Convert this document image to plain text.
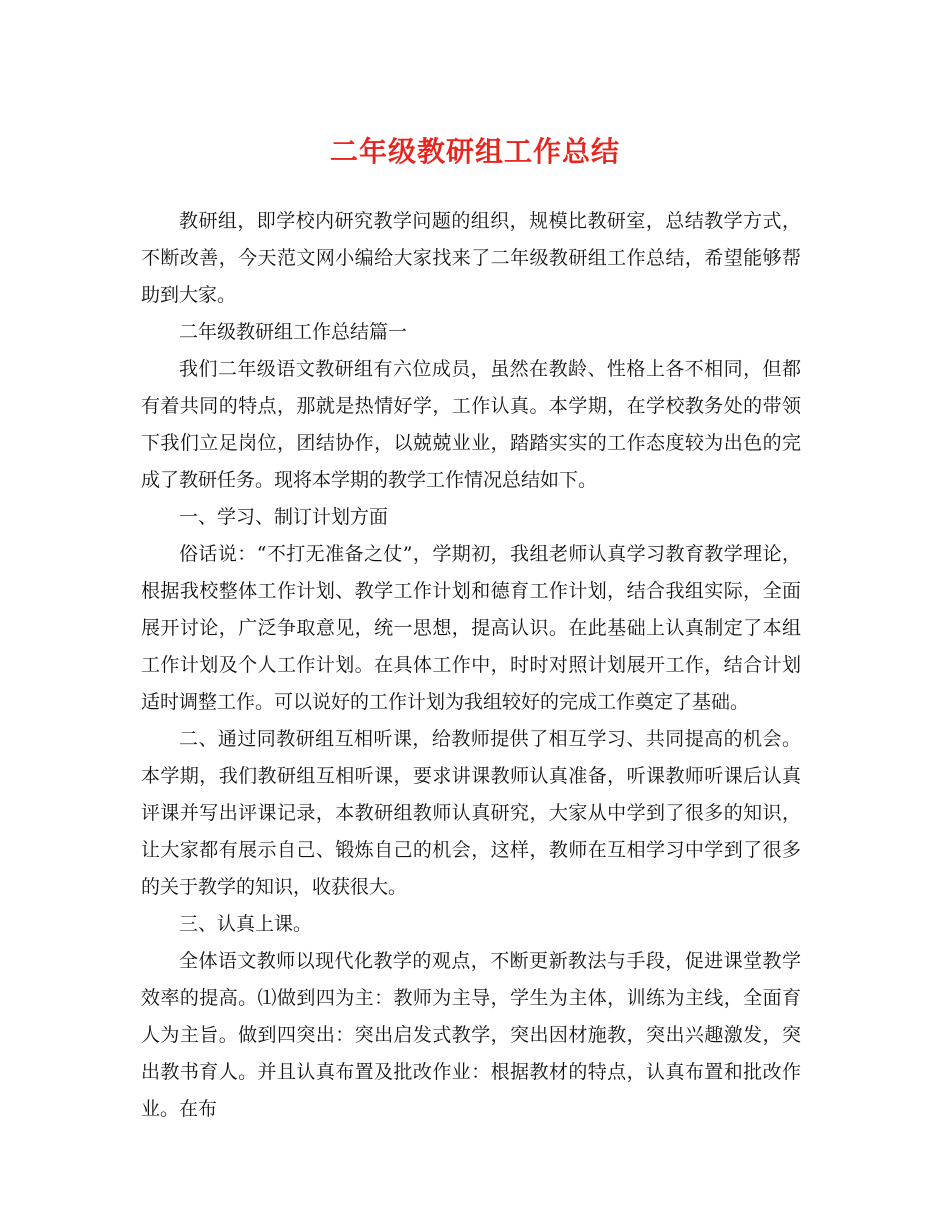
二年级教研组工作总结

教研组，即学校内研究教学问题的组织，规模比教研室，总结教学方式，不断改善，今天范文网小编给大家找来了二年级教研组工作总结，希望能够帮助到大家。

二年级教研组工作总结篇一

我们二年级语文教研组有六位成员，虽然在教龄、性格上各不相同，但都有着共同的特点，那就是热情好学，工作认真。本学期，在学校教务处的带领下我们立足岗位，团结协作，以兢兢业业，踏踏实实的工作态度较为出色的完成了教研任务。现将本学期的教学工作情况总结如下。

一、学习、制订计划方面

俗话说：“不打无准备之仗”，学期初，我组老师认真学习教育教学理论，根据我校整体工作计划、教学工作计划和德育工作计划，结合我组实际，全面展开讨论，广泛争取意见，统一思想，提高认识。在此基础上认真制定了本组工作计划及个人工作计划。在具体工作中，时时对照计划展开工作，结合计划适时调整工作。可以说好的工作计划为我组较好的完成工作奠定了基础。

二、通过同教研组互相听课，给教师提供了相互学习、共同提高的机会。 本学期，我们教研组互相听课，要求讲课教师认真准备，听课教师听课后认真评课并写出评课记录，本教研组教师认真研究，大家从中学到了很多的知识，让大家都有展示自己、锻炼自己的机会，这样，教师在互相学习中学到了很多的关于教学的知识，收获很大。

三、认真上课。

全体语文教师以现代化教学的观点，不断更新教法与手段，促进课堂教学效率的提高。⑴做到四为主：教师为主导，学生为主体，训练为主线，全面育人为主旨。做到四突出：突出启发式教学，突出因材施教，突出兴趣激发，突出教书育人。并且认真布置及批改作业：根据教材的特点，认真布置和批改作业。在布
